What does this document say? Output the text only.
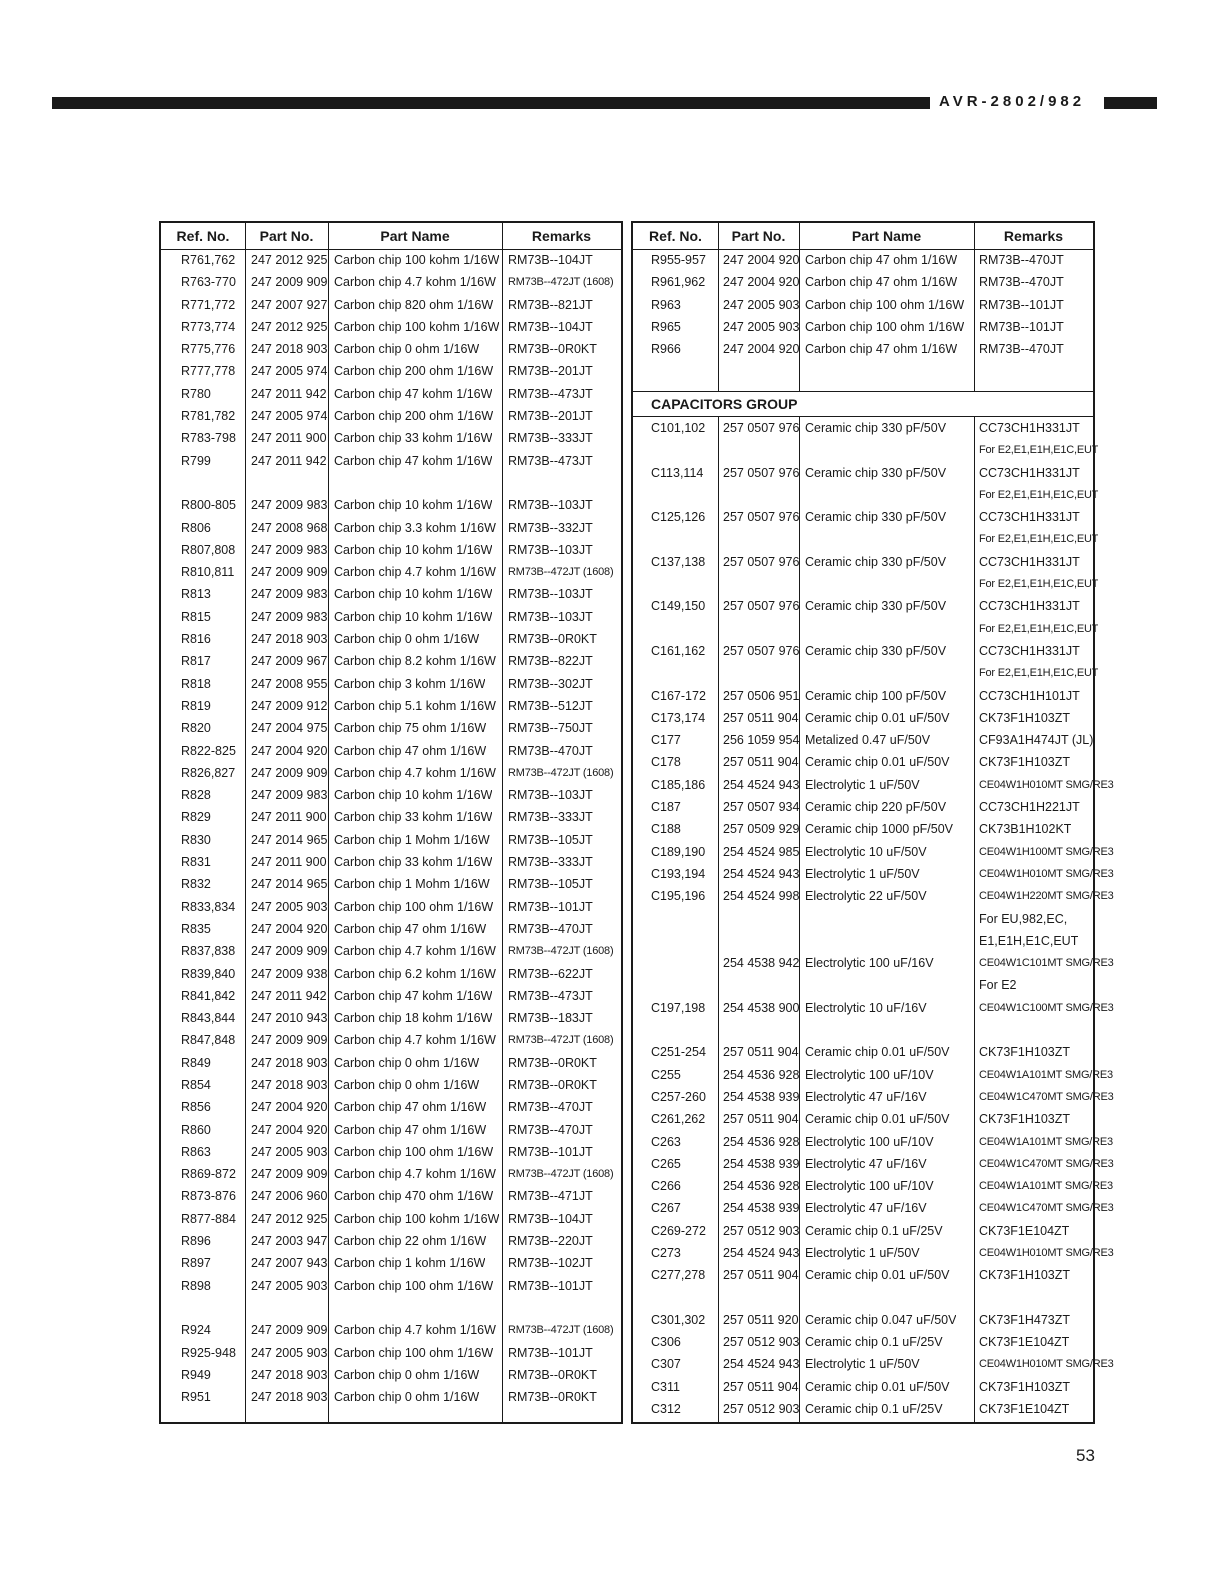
AVR-2802/982
Ref. No.	Part No.	Part Name	Remarks
R761,762 247 2012 925 Carbon chip 100 kohm 1/16W RM73B--104JT
R763-770 247 2009 909 Carbon chip 4.7 kohm 1/16W RM73B--472JT (1608)
R771,772 247 2007 927 Carbon chip 820 ohm 1/16W RM73B--821JT
R773,774 247 2012 925 Carbon chip 100 kohm 1/16W RM73B--104JT
R775,776 247 2018 903 Carbon chip 0 ohm 1/16W RM73B--0R0KT
R777,778 247 2005 974 Carbon chip 200 ohm 1/16W RM73B--201JT
R780	247 2011 942 Carbon chip 47 kohm 1/16W RM73B--473JT
R781,782 247 2005 974 Carbon chip 200 ohm 1/16W RM73B--201JT
R783-798 247 2011 900 Carbon chip 33 kohm 1/16W RM73B--333JT
R799	247 2011 942 Carbon chip 47 kohm 1/16W RM73B--473JT
R800-805 247 2009 983 Carbon chip 10 kohm 1/16W RM73B--103JT
R806	247 2008 968 Carbon chip 3.3 kohm 1/16W RM73B--332JT
R807,808 247 2009 983 Carbon chip 10 kohm 1/16W RM73B--103JT
R810,811 247 2009 909 Carbon chip 4.7 kohm 1/16W RM73B--472JT (1608)
R813	247 2009 983 Carbon chip 10 kohm 1/16W RM73B--103JT
R815	247 2009 983 Carbon chip 10 kohm 1/16W RM73B--103JT
R816	247 2018 903 Carbon chip 0 ohm 1/16W RM73B--0R0KT
R817	247 2009 967 Carbon chip 8.2 kohm 1/16W RM73B--822JT
R818	247 2008 955 Carbon chip 3 kohm 1/16W RM73B--302JT
R819	247 2009 912 Carbon chip 5.1 kohm 1/16W RM73B--512JT
R820	247 2004 975 Carbon chip 75 ohm 1/16W RM73B--750JT
R822-825 247 2004 920 Carbon chip 47 ohm 1/16W RM73B--470JT
R826,827 247 2009 909 Carbon chip 4.7 kohm 1/16W RM73B--472JT (1608)
R828	247 2009 983 Carbon chip 10 kohm 1/16W RM73B--103JT
R829	247 2011 900 Carbon chip 33 kohm 1/16W RM73B--333JT
R830	247 2014 965 Carbon chip 1 Mohm 1/16W RM73B--105JT
R831	247 2011 900 Carbon chip 33 kohm 1/16W RM73B--333JT
R832	247 2014 965 Carbon chip 1 Mohm 1/16W RM73B--105JT
R833,834 247 2005 903 Carbon chip 100 ohm 1/16W RM73B--101JT
R835	247 2004 920 Carbon chip 47 ohm 1/16W RM73B--470JT
R837,838 247 2009 909 Carbon chip 4.7 kohm 1/16W RM73B--472JT (1608)
R839,840 247 2009 938 Carbon chip 6.2 kohm 1/16W RM73B--622JT
R841,842 247 2011 942 Carbon chip 47 kohm 1/16W RM73B--473JT
R843,844 247 2010 943 Carbon chip 18 kohm 1/16W RM73B--183JT
R847,848 247 2009 909 Carbon chip 4.7 kohm 1/16W RM73B--472JT (1608)
R849	247 2018 903 Carbon chip 0 ohm 1/16W RM73B--0R0KT
R854	247 2018 903 Carbon chip 0 ohm 1/16W RM73B--0R0KT
R856	247 2004 920 Carbon chip 47 ohm 1/16W RM73B--470JT
R860	247 2004 920 Carbon chip 47 ohm 1/16W RM73B--470JT
R863	247 2005 903 Carbon chip 100 ohm 1/16W RM73B--101JT
R869-872 247 2009 909 Carbon chip 4.7 kohm 1/16W RM73B--472JT (1608)
R873-876 247 2006 960 Carbon chip 470 ohm 1/16W RM73B--471JT
R877-884 247 2012 925 Carbon chip 100 kohm 1/16W RM73B--104JT
R896	247 2003 947 Carbon chip 22 ohm 1/16W RM73B--220JT
R897	247 2007 943 Carbon chip 1 kohm 1/16W RM73B--102JT
R898	247 2005 903 Carbon chip 100 ohm 1/16W RM73B--101JT
R924	247 2009 909 Carbon chip 4.7 kohm 1/16W RM73B--472JT (1608)
R925-948 247 2005 903 Carbon chip 100 ohm 1/16W RM73B--101JT
R949	247 2018 903 Carbon chip 0 ohm 1/16W RM73B--0R0KT
R951	247 2018 903 Carbon chip 0 ohm 1/16W RM73B--0R0KT
Ref. No.	Part No.	Part Name	Remarks
R955-957 247 2004 920 Carbon chip 47 ohm 1/16W RM73B--470JT
R961,962 247 2004 920 Carbon chip 47 ohm 1/16W RM73B--470JT
R963	247 2005 903 Carbon chip 100 ohm 1/16W RM73B--101JT
R965	247 2005 903 Carbon chip 100 ohm 1/16W RM73B--101JT
R966	247 2004 920 Carbon chip 47 ohm 1/16W RM73B--470JT
CAPACITORS GROUP
C101,102 257 0507 976 Ceramic chip 330 pF/50V	CC73CH1H331JT
For E2,E1,E1H,E1C,EUT
C113,114 257 0507 976 Ceramic chip 330 pF/50V	CC73CH1H331JT
For E2,E1,E1H,E1C,EUT
C125,126 257 0507 976 Ceramic chip 330 pF/50V	CC73CH1H331JT
For E2,E1,E1H,E1C,EUT
C137,138 257 0507 976 Ceramic chip 330 pF/50V	CC73CH1H331JT
For E2,E1,E1H,E1C,EUT
C149,150 257 0507 976 Ceramic chip 330 pF/50V	CC73CH1H331JT
For E2,E1,E1H,E1C,EUT
C161,162 257 0507 976 Ceramic chip 330 pF/50V	CC73CH1H331JT
For E2,E1,E1H,E1C,EUT
C167-172 257 0506 951 Ceramic chip 100 pF/50V	CC73CH1H101JT
C173,174 257 0511 904 Ceramic chip 0.01 uF/50V CK73F1H103ZT
C177	256 1059 954 Metalized 0.47 uF/50V	CF93A1H474JT (JL)
C178	257 0511 904 Ceramic chip 0.01 uF/50V CK73F1H103ZT
C185,186 254 4524 943 Electrolytic 1 uF/50V	CE04W1H010MT SMG/RE3
C187	257 0507 934 Ceramic chip 220 pF/50V	CC73CH1H221JT
C188	257 0509 929 Ceramic chip 1000 pF/50V CK73B1H102KT
C189,190 254 4524 985 Electrolytic 10 uF/50V	CE04W1H100MT SMG/RE3
C193,194 254 4524 943 Electrolytic 1 uF/50V	CE04W1H010MT SMG/RE3
C195,196 254 4524 998 Electrolytic 22 uF/50V	CE04W1H220MT SMG/RE3
For EU,982,EC,
E1,E1H,E1C,EUT
254 4538 942 Electrolytic 100 uF/16V	CE04W1C101MT SMG/RE3
For E2
C197,198 254 4538 900 Electrolytic 10 uF/16V	CE04W1C100MT SMG/RE3
C251-254 257 0511 904 Ceramic chip 0.01 uF/50V CK73F1H103ZT
C255	254 4536 928 Electrolytic 100 uF/10V	CE04W1A101MT SMG/RE3
C257-260 254 4538 939 Electrolytic 47 uF/16V	CE04W1C470MT SMG/RE3
C261,262 257 0511 904 Ceramic chip 0.01 uF/50V CK73F1H103ZT
C263	254 4536 928 Electrolytic 100 uF/10V	CE04W1A101MT SMG/RE3
C265	254 4538 939 Electrolytic 47 uF/16V	CE04W1C470MT SMG/RE3
C266	254 4536 928 Electrolytic 100 uF/10V	CE04W1A101MT SMG/RE3
C267	254 4538 939 Electrolytic 47 uF/16V	CE04W1C470MT SMG/RE3
C269-272 257 0512 903 Ceramic chip 0.1 uF/25V	CK73F1E104ZT
C273	254 4524 943 Electrolytic 1 uF/50V	CE04W1H010MT SMG/RE3
C277,278 257 0511 904 Ceramic chip 0.01 uF/50V CK73F1H103ZT
C301,302 257 0511 920 Ceramic chip 0.047 uF/50V CK73F1H473ZT
C306	257 0512 903 Ceramic chip 0.1 uF/25V	CK73F1E104ZT
C307	254 4524 943 Electrolytic 1 uF/50V	CE04W1H010MT SMG/RE3
C311	257 0511 904 Ceramic chip 0.01 uF/50V CK73F1H103ZT
C312	257 0512 903 Ceramic chip 0.1 uF/25V	CK73F1E104ZT
53
